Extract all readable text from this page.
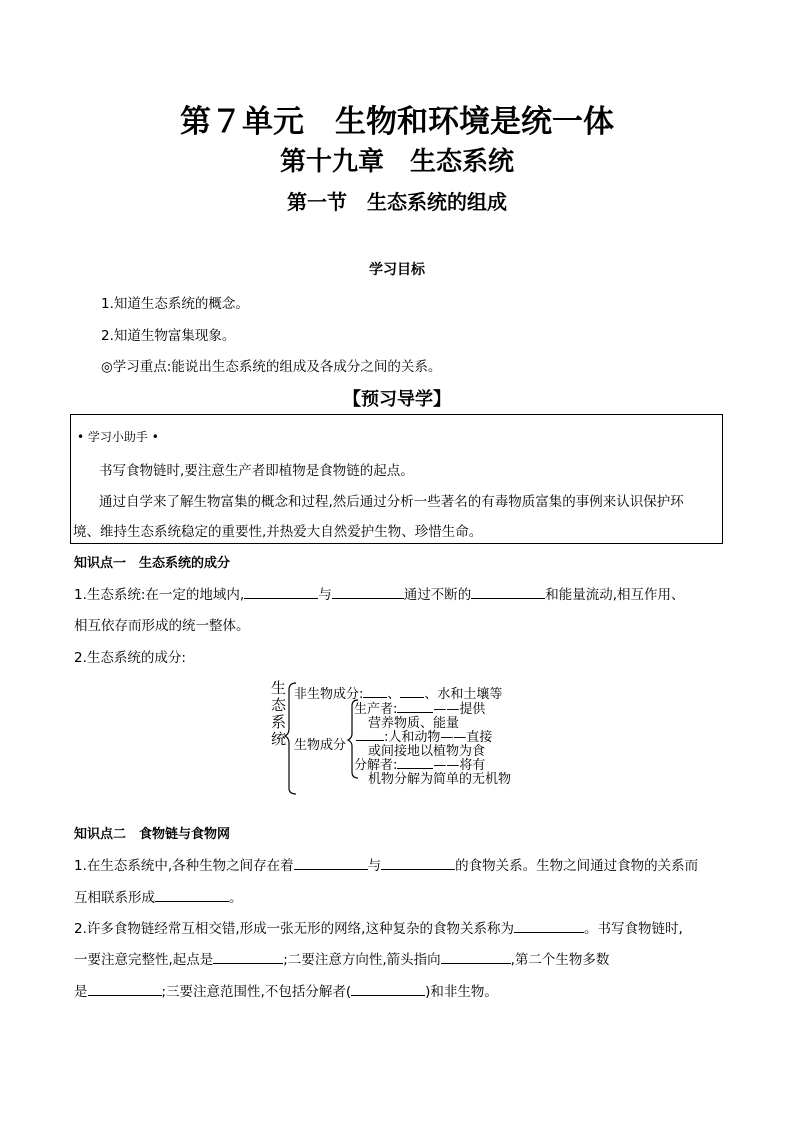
第７单元　生物和环境是统一体
第十九章　生态系统
第一节　生态系统的组成
学习目标
1.知道生态系统的概念。
2.知道生物富集现象。
◎学习重点:能说出生态系统的组成及各成分之间的关系。
【预习导学】
• 学习小助手 •
书写食物链时,要注意生产者即植物是食物链的起点。
通过自学来了解生物富集的概念和过程,然后通过分析一些著名的有毒物质富集的事例来认识保护环
境、维持生态系统稳定的重要性,并热爱大自然爱护生物、珍惜生命。
知识点一　生态系统的成分
1.生态系统:在一定的地域内,	与	通过不断的	和能量流动,相互作用、
相互依存而形成的统一整体。
2.生态系统的成分:
生
态
系
统
非生物成分: 、 、水和土壤等
生物成分
生产者:	——提供
营养物质、能量
:人和动物——直接
或间接地以植物为食
分解者:	——将有
机物分解为简单的无机物
知识点二　食物链与食物网
1.在生态系统中,各种生物之间存在着	与	的食物关系。生物之间通过食物的关系而
互相联系形成	。
2.许多食物链经常互相交错,形成一张无形的网络,这种复杂的食物关系称为	。书写食物链时,
一要注意完整性,起点是	;二要注意方向性,箭头指向	,第二个生物多数
是	;三要注意范围性,不包括分解者(	)和非生物。
